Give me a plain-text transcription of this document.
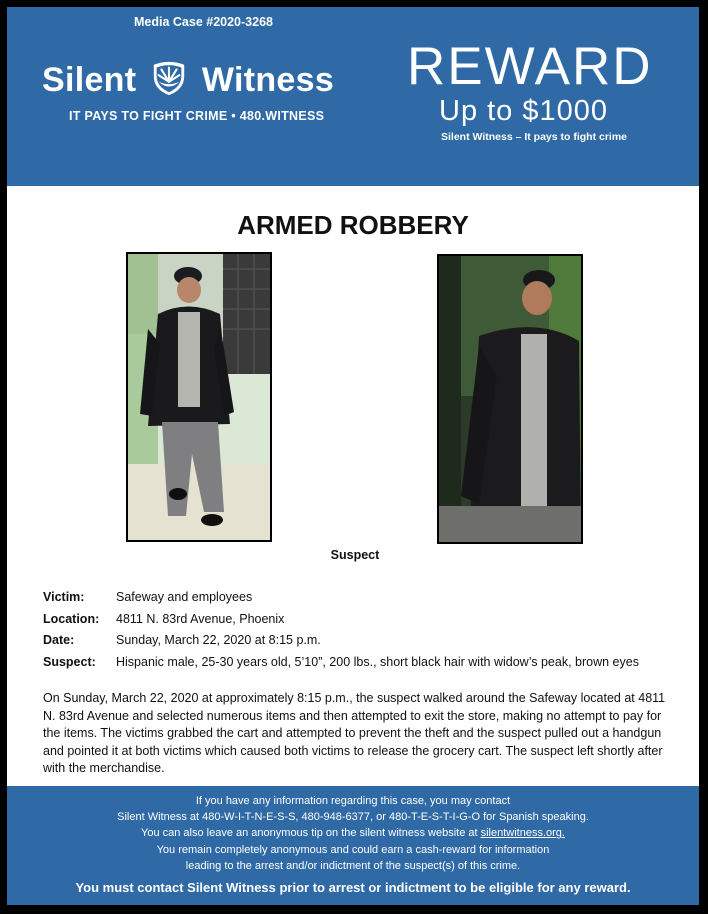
Media Case #2020-3268
Silent Witness
IT PAYS TO FIGHT CRIME • 480.WITNESS
REWARD
Up to $1000
Silent Witness – It pays to fight crime
ARMED ROBBERY
Suspect
Victim:	Safeway and employees
Location: 4811 N. 83rd Avenue, Phoenix
Date:	Sunday, March 22, 2020 at 8:15 p.m.
Suspect: Hispanic male, 25-30 years old, 5’10”, 200 lbs., short black hair with widow’s peak, brown eyes
On Sunday, March 22, 2020 at approximately 8:15 p.m., the suspect walked around the Safeway located at 4811 N. 83rd Avenue and selected numerous items and then attempted to exit the store, making no attempt to pay for the items. The victims grabbed the cart and attempted to prevent the theft and the suspect pulled out a handgun and pointed it at both victims which caused both victims to release the grocery cart. The suspect left shortly after with the merchandise.
If you have any information regarding this case, you may contact
Silent Witness at 480-W-I-T-N-E-S-S, 480-948-6377, or 480-T-E-S-T-I-G-O for Spanish speaking.
You can also leave an anonymous tip on the silent witness website at silentwitness.org.
You remain completely anonymous and could earn a cash-reward for information
leading to the arrest and/or indictment of the suspect(s) of this crime.
You must contact Silent Witness prior to arrest or indictment to be eligible for any reward.
